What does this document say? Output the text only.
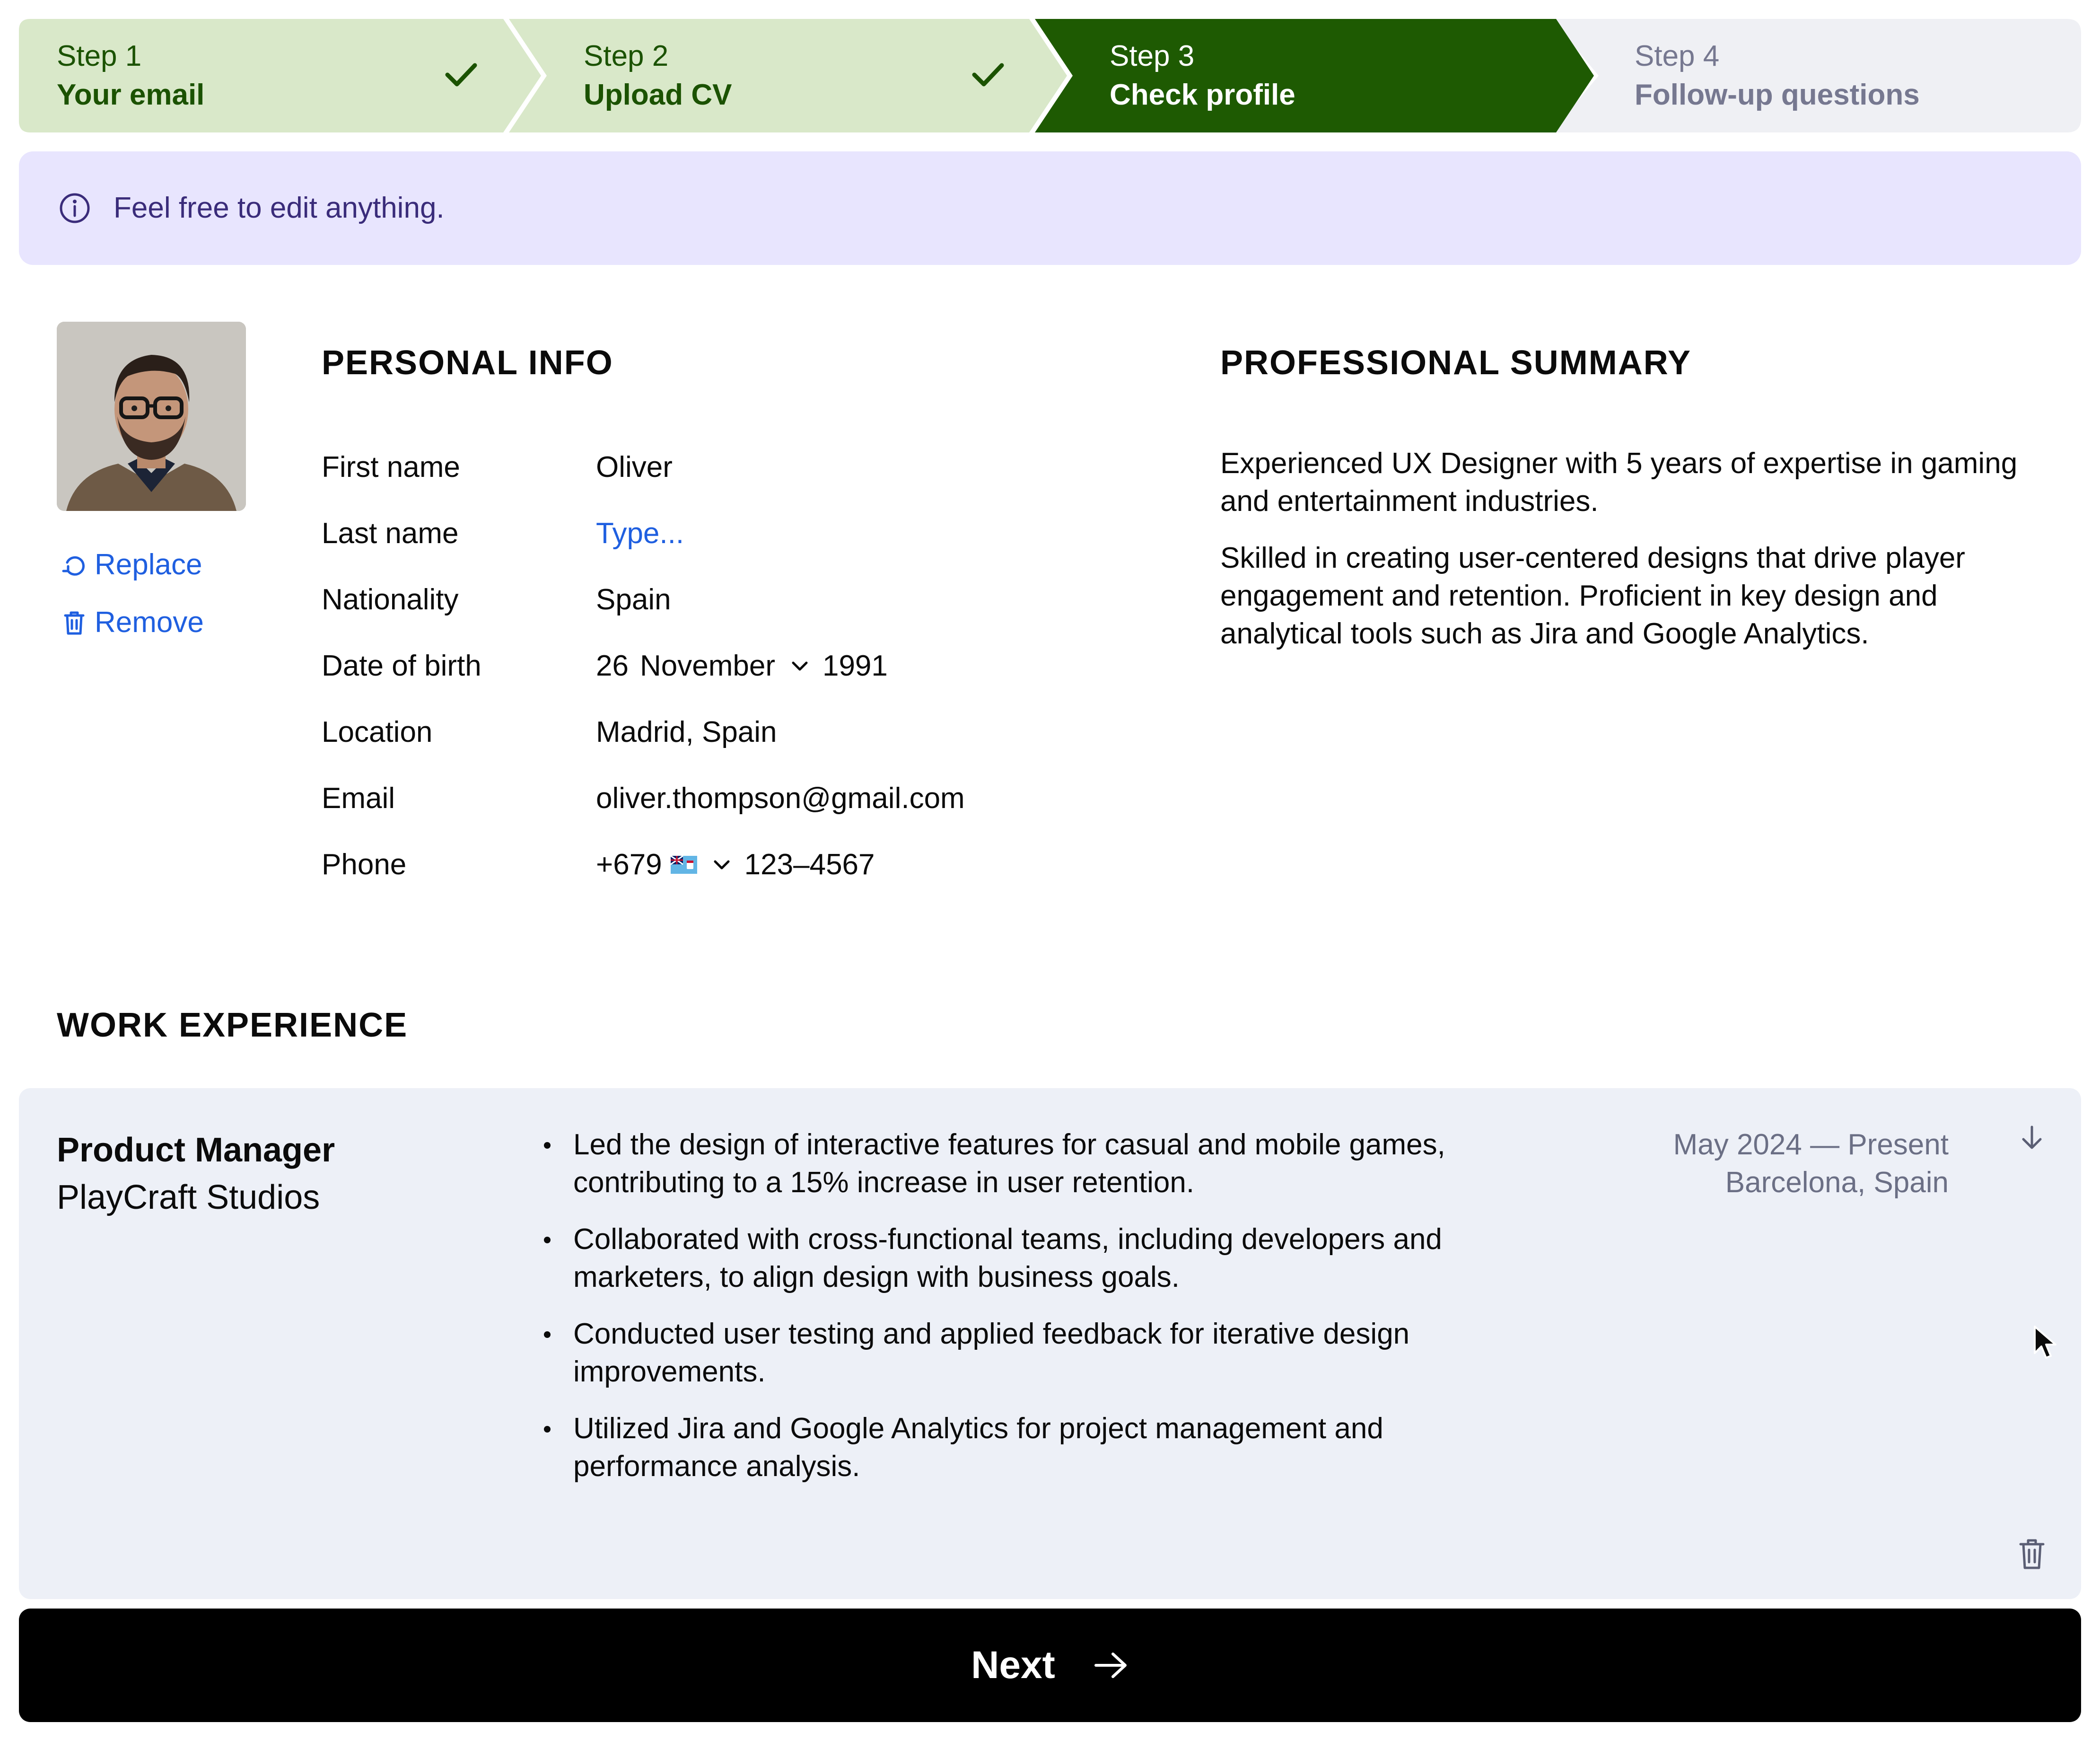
Step 1
Your email
Step 2
Upload CV
Step 3
Check profile
Step 4
Follow-up questions
Feel free to edit anything.
Replace
Remove
PERSONAL INFO
First name	Oliver
Last name	Type...
Nationality	Spain
Date of birth	26 November 1991
Location	Madrid, Spain
Email	oliver.thompson@gmail.com
Phone	+679	123–4567
PROFESSIONAL SUMMARY

Experienced UX Designer with 5 years of expertise in gaming and entertainment industries.

Skilled in creating user-centered designs that drive player engagement and retention. Proficient in key design and analytical tools such as Jira and Google Analytics.

WORK EXPERIENCE
Product Manager
PlayCraft Studios
Led the design of interactive features for casual and mobile games, contributing to a 15% increase in user retention.
Collaborated with cross-functional teams, including developers and marketers, to align design with business goals.
Conducted user testing and applied feedback for iterative design improvements.
Utilized Jira and Google Analytics for project management and performance analysis.
May 2024 — Present
Barcelona, Spain
Next
